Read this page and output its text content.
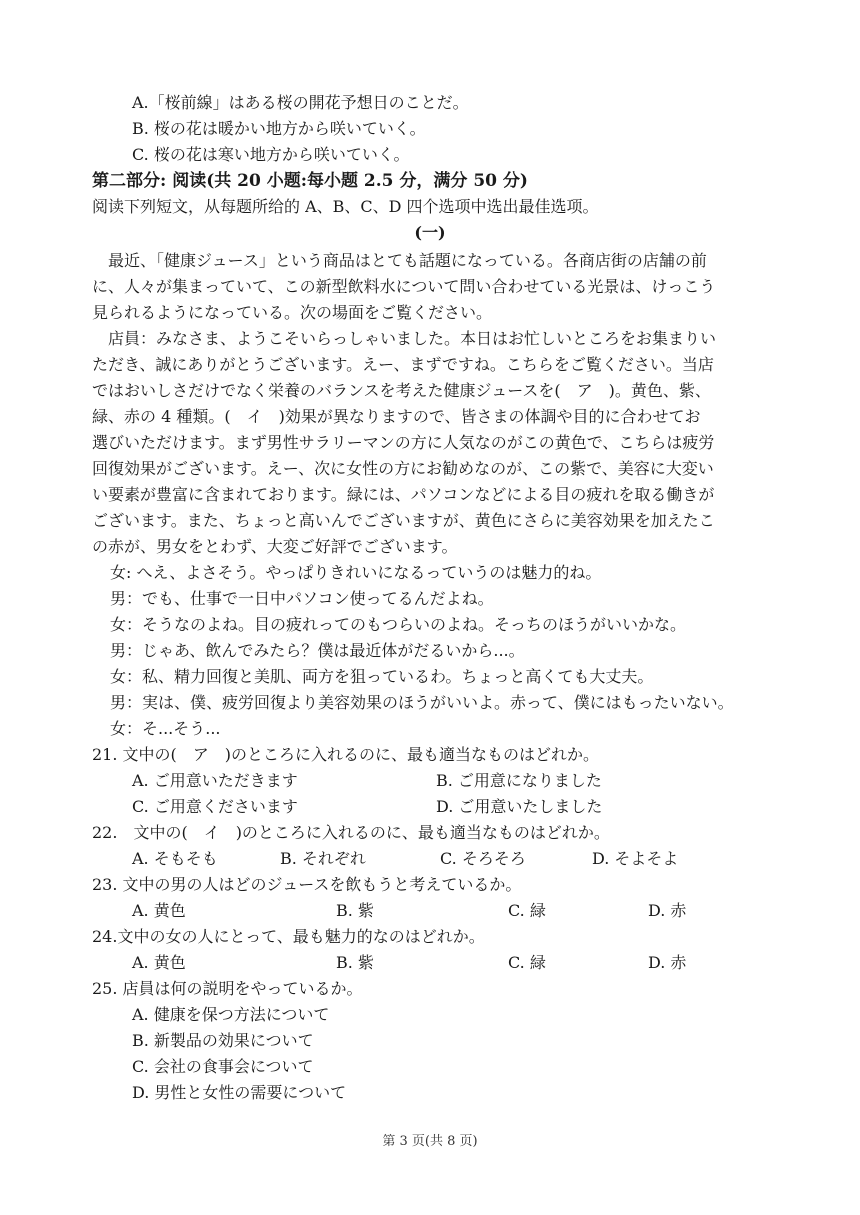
A.「桜前線」はある桜の開花予想日のことだ。
B. 桜の花は暖かい地方から咲いていく。
C. 桜の花は寒い地方から咲いていく。
第二部分: 阅读(共 20 小题:每小题 2.5 分，满分 50 分)
阅读下列短文，从每题所给的 A、B、C、D 四个选项中选出最佳选项。
(一)
　最近、「健康ジュース」という商品はとても話題になっている。各商店街の店舗の前
に、人々が集まっていて、この新型飲料水について問い合わせている光景は、けっこう
見られるようになっている。次の場面をご覧ください。
　店員：みなさま、ようこそいらっしゃいました。本日はお忙しいところをお集まりい
ただき、誠にありがとうございます。えー、まずですね。こちらをご覧ください。当店
ではおいしさだけでなく栄養のバランスを考えた健康ジュースを(　ア　)。黄色、紫、
緑、赤の 4 種類。(　イ　)効果が異なりますので、皆さまの体調や目的に合わせてお
選びいただけます。まず男性サラリーマンの方に人気なのがこの黄色で、こちらは疲労
回復効果がございます。えー、次に女性の方にお勧めなのが、この紫で、美容に大変い
い要素が豊富に含まれております。緑には、パソコンなどによる目の疲れを取る働きが
ございます。また、ちょっと高いんでございますが、黄色にさらに美容効果を加えたこ
の赤が、男女をとわず、大変ご好評でございます。
女: へえ、よさそう。やっぱりきれいになるっていうのは魅力的ね。
男：でも、仕事で一日中パソコン使ってるんだよね。
女：そうなのよね。目の疲れってのもつらいのよね。そっちのほうがいいかな。
男：じゃあ、飲んでみたら？僕は最近体がだるいから...。
女：私、精力回復と美肌、両方を狙っているわ。ちょっと高くても大丈夫。
男：実は、僕、疲労回復より美容効果のほうがいいよ。赤って、僕にはもったいない。
女：そ...そう...
21. 文中の(　ア　)のところに入れるのに、最も適当なものはどれか。
A. ご用意いただきます	B. ご用意になりました
C. ご用意くださいます	D. ご用意いたしました
22.　文中の(　イ　)のところに入れるのに、最も適当なものはどれか。
A. そもそも	B. それぞれ	C. そろそろ	D. そよそよ
23. 文中の男の人はどのジュースを飲もうと考えているか。
A. 黄色	B. 紫	C. 緑	D. 赤
24.文中の女の人にとって、最も魅力的なのはどれか。
A. 黄色	B. 紫	C. 緑	D. 赤
25. 店員は何の説明をやっているか。
A. 健康を保つ方法について
B. 新製品の効果について
C. 会社の食事会について
D. 男性と女性の需要について
第 3 页(共 8 页)
